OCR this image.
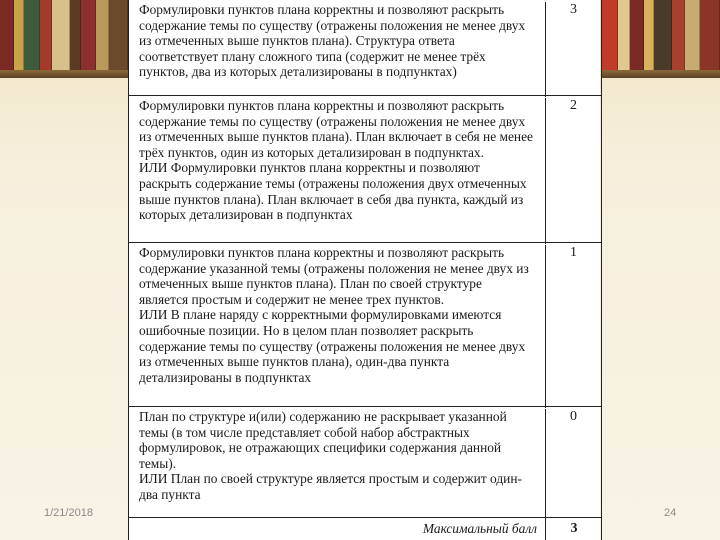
Формулировки пунктов плана корректны и позволяют раскрыть
содержание темы по существу (отражены положения не менее двух
из отмеченных выше пунктов плана). Структура ответа
соответствует плану сложного типа (содержит не менее трёх
пунктов, два из которых детализированы в подпунктах)
3
Формулировки пунктов плана корректны и позволяют раскрыть
содержание темы по существу (отражены положения не менее двух
из отмеченных выше пунктов плана). План включает в себя не менее
трёх пунктов, один из которых детализирован в подпунктах.
ИЛИ Формулировки пунктов плана корректны и позволяют
раскрыть содержание темы (отражены положения двух отмеченных
выше пунктов плана). План включает в себя два пункта, каждый из
которых детализирован в подпунктах
2
Формулировки пунктов плана корректны и позволяют раскрыть
содержание указанной темы (отражены положения не менее двух из
отмеченных выше пунктов плана). План по своей структуре
является простым и содержит не менее трех пунктов.
ИЛИ В плане наряду с корректными формулировками имеются
ошибочные позиции. Но в целом план позволяет раскрыть
содержание темы по существу (отражены положения не менее двух
из отмеченных выше пунктов плана), один-два пункта
детализированы в подпунктах
1
План по структуре и(или) содержанию не раскрывает указанной
темы (в том числе представляет собой набор абстрактных
формулировок, не отражающих специфики содержания данной
темы).
ИЛИ План по своей структуре является простым и содержит один-
два пункта
0
Максимальный балл	3
1/21/2018	24
